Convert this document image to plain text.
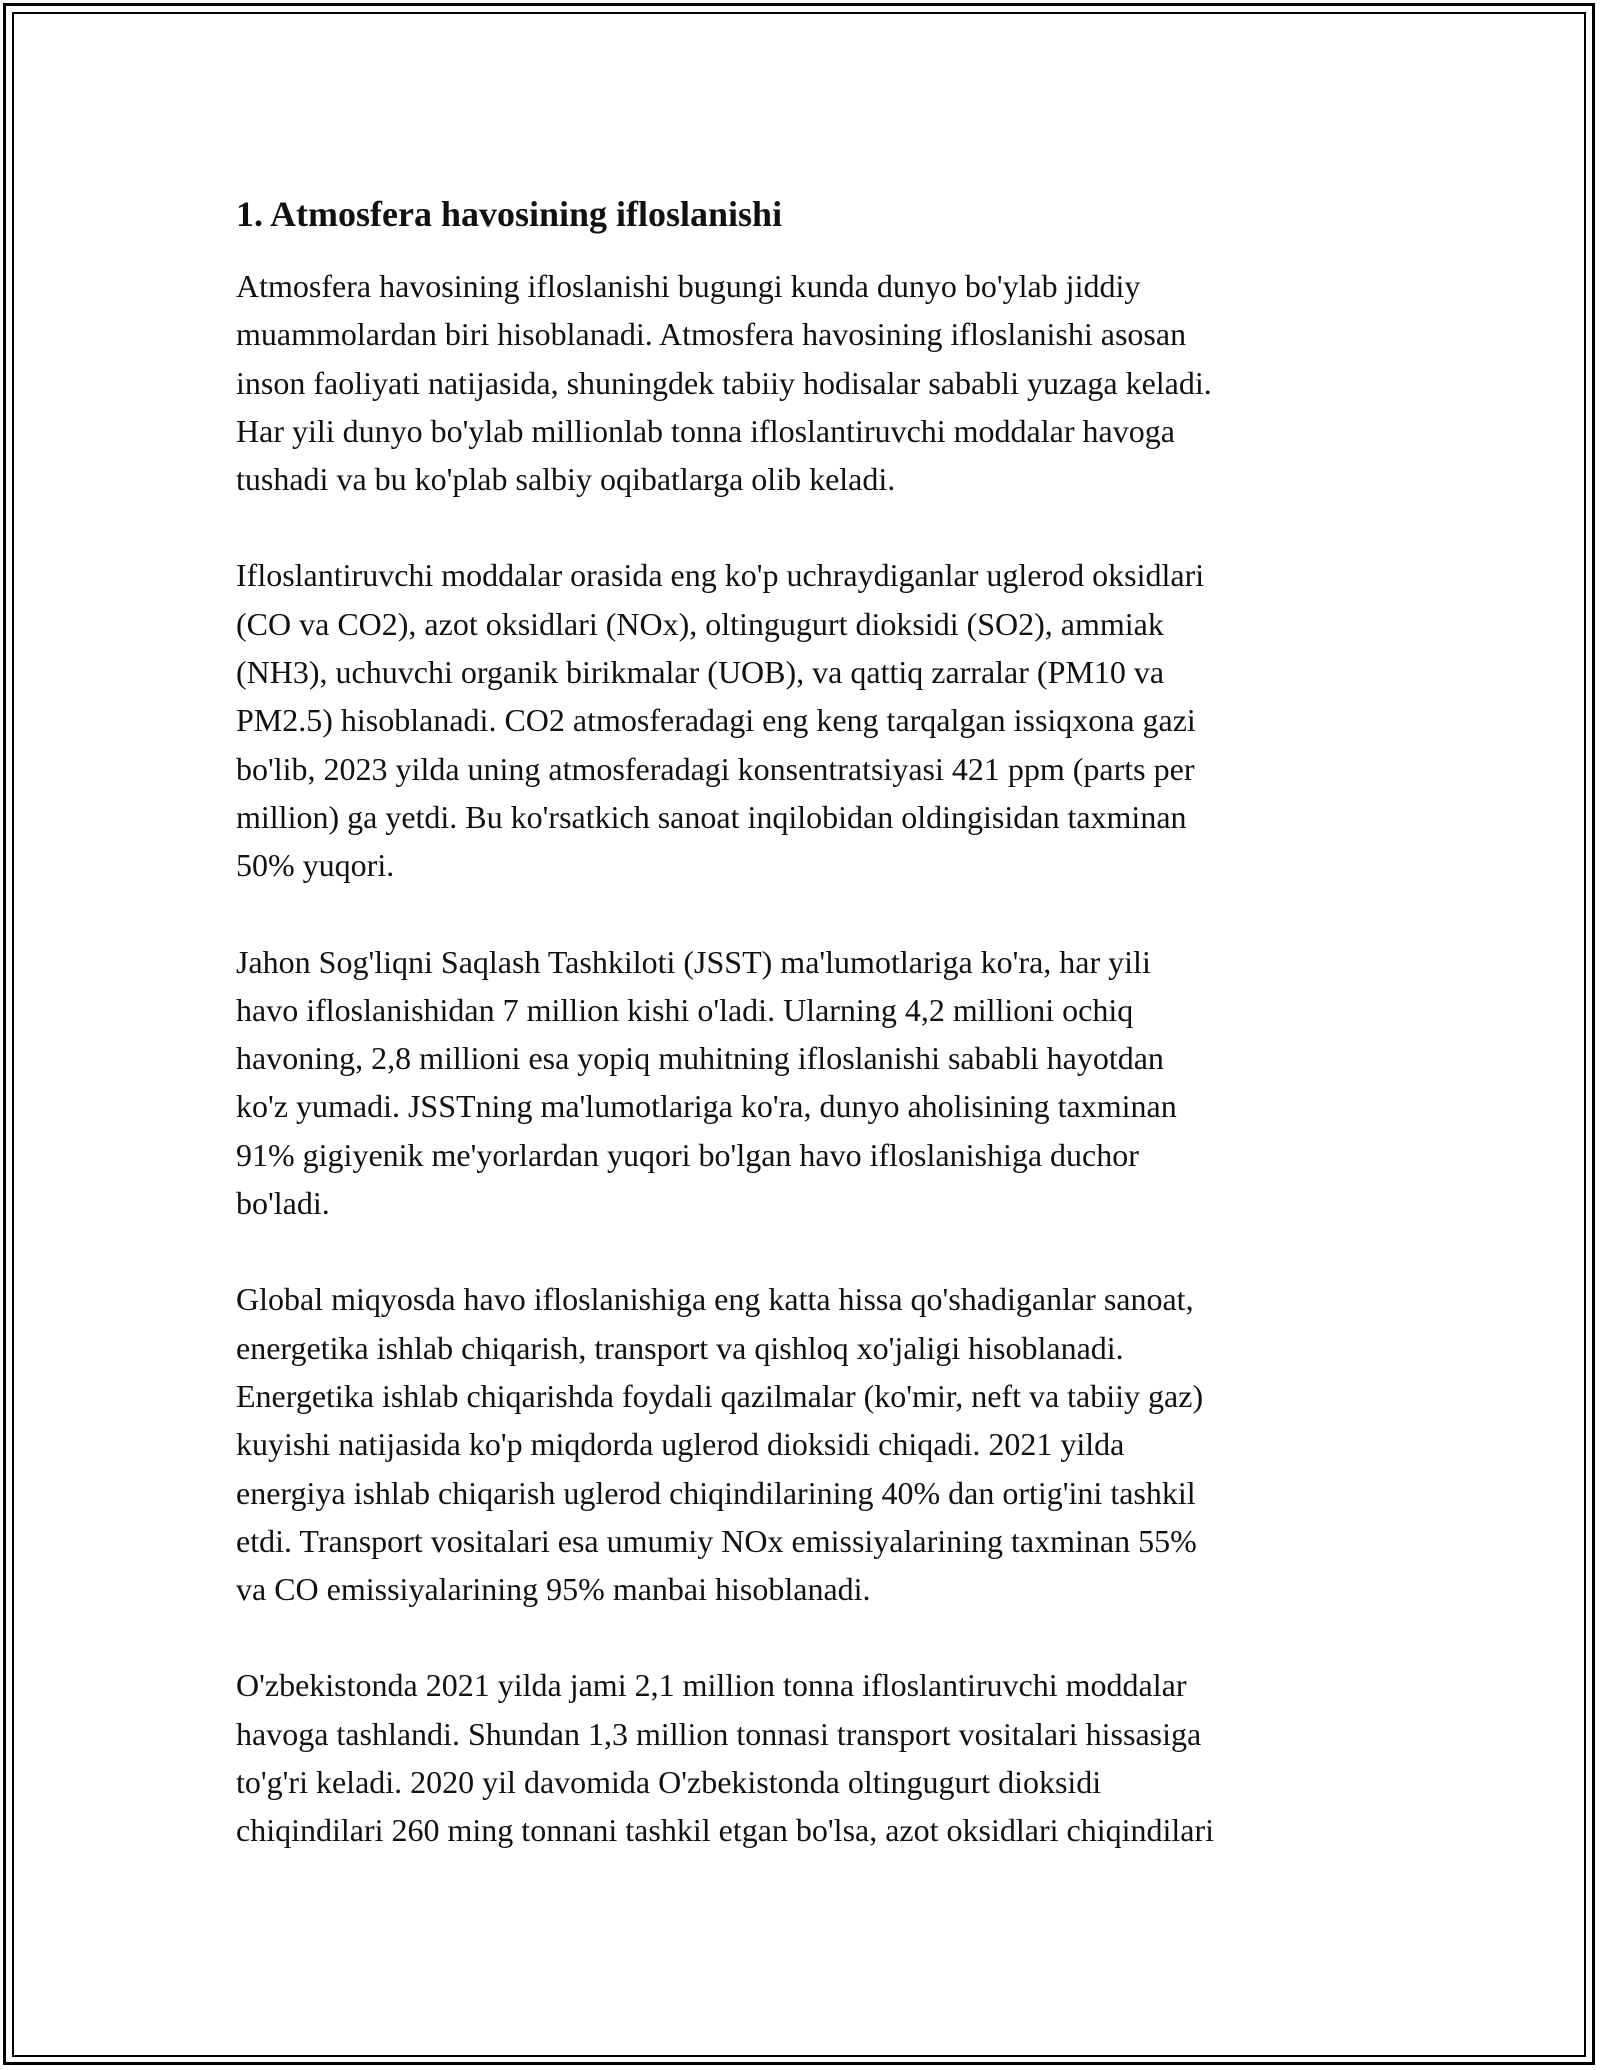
1. Atmosfera havosining ifloslanishi

Atmosfera havosining ifloslanishi bugungi kunda dunyo bo'ylab jiddiy
muammolardan biri hisoblanadi. Atmosfera havosining ifloslanishi asosan
inson faoliyati natijasida, shuningdek tabiiy hodisalar sababli yuzaga keladi.
Har yili dunyo bo'ylab millionlab tonna ifloslantiruvchi moddalar havoga
tushadi va bu ko'plab salbiy oqibatlarga olib keladi.

Ifloslantiruvchi moddalar orasida eng ko'p uchraydiganlar uglerod oksidlari
(CO va CO2), azot oksidlari (NOx), oltingugurt dioksidi (SO2), ammiak
(NH3), uchuvchi organik birikmalar (UOB), va qattiq zarralar (PM10 va
PM2.5) hisoblanadi. CO2 atmosferadagi eng keng tarqalgan issiqxona gazi
bo'lib, 2023 yilda uning atmosferadagi konsentratsiyasi 421 ppm (parts per
million) ga yetdi. Bu ko'rsatkich sanoat inqilobidan oldingisidan taxminan
50% yuqori.

Jahon Sog'liqni Saqlash Tashkiloti (JSST) ma'lumotlariga ko'ra, har yili
havo ifloslanishidan 7 million kishi o'ladi. Ularning 4,2 millioni ochiq
havoning, 2,8 millioni esa yopiq muhitning ifloslanishi sababli hayotdan
ko'z yumadi. JSSTning ma'lumotlariga ko'ra, dunyo aholisining taxminan
91% gigiyenik me'yorlardan yuqori bo'lgan havo ifloslanishiga duchor
bo'ladi.

Global miqyosda havo ifloslanishiga eng katta hissa qo'shadiganlar sanoat,
energetika ishlab chiqarish, transport va qishloq xo'jaligi hisoblanadi.
Energetika ishlab chiqarishda foydali qazilmalar (ko'mir, neft va tabiiy gaz)
kuyishi natijasida ko'p miqdorda uglerod dioksidi chiqadi. 2021 yilda
energiya ishlab chiqarish uglerod chiqindilarining 40% dan ortig'ini tashkil
etdi. Transport vositalari esa umumiy NOx emissiyalarining taxminan 55%
va CO emissiyalarining 95% manbai hisoblanadi.

O'zbekistonda 2021 yilda jami 2,1 million tonna ifloslantiruvchi moddalar
havoga tashlandi. Shundan 1,3 million tonnasi transport vositalari hissasiga
to'g'ri keladi. 2020 yil davomida O'zbekistonda oltingugurt dioksidi
chiqindilari 260 ming tonnani tashkil etgan bo'lsa, azot oksidlari chiqindilari
